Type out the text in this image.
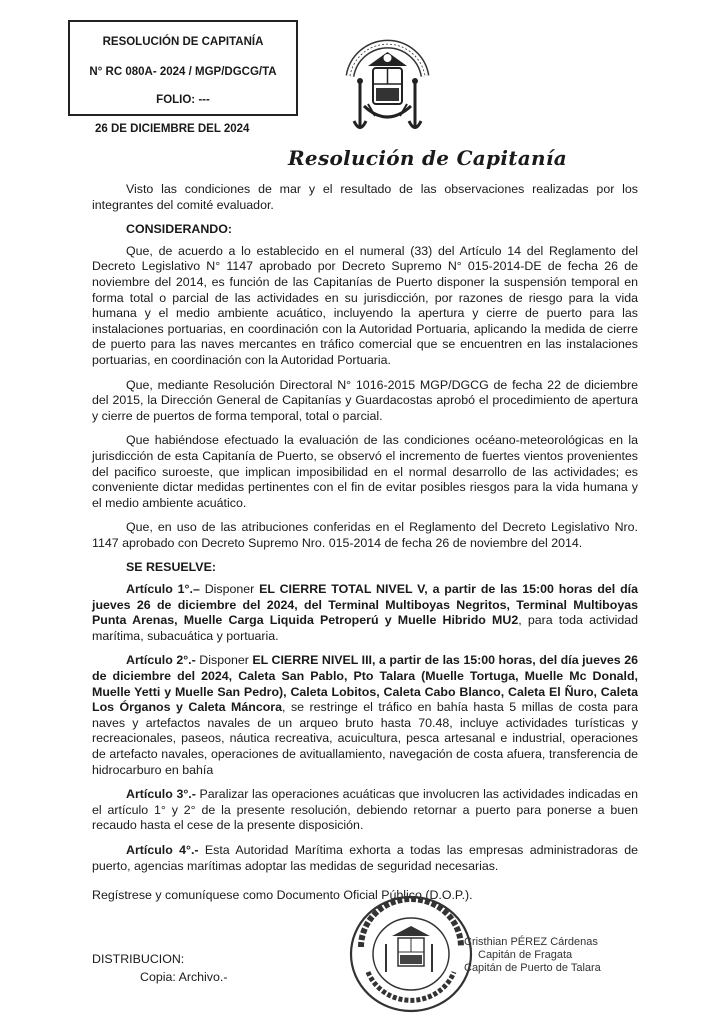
RESOLUCIÓN DE CAPITANÍA
N° RC 080A- 2024 / MGP/DGCG/TA
FOLIO: ---
26 DE DICIEMBRE DEL 2024
Resolución de Capitanía

Visto las condiciones de mar y el resultado de las observaciones realizadas por los integrantes del comité evaluador.

CONSIDERANDO:

Que, de acuerdo a lo establecido en el numeral (33) del Artículo 14 del Reglamento del Decreto Legislativo N° 1147 aprobado por Decreto Supremo N° 015-2014-DE de fecha 26 de noviembre del 2014, es función de las Capitanías de Puerto disponer la suspensión temporal en forma total o parcial de las actividades en su jurisdicción, por razones de riesgo para la vida humana y el medio ambiente acuático, incluyendo la apertura y cierre de puerto para las instalaciones portuarias, en coordinación con la Autoridad Portuaria, aplicando la medida de cierre de puerto para las naves mercantes en tráfico comercial que se encuentren en las instalaciones portuarias, en coordinación con la Autoridad Portuaria.

Que, mediante Resolución Directoral N° 1016-2015 MGP/DGCG de fecha 22 de diciembre del 2015, la Dirección General de Capitanías y Guardacostas aprobó el procedimiento de apertura y cierre de puertos de forma temporal, total o parcial.

Que habiéndose efectuado la evaluación de las condiciones océano-meteorológicas en la jurisdicción de esta Capitanía de Puerto, se observó el incremento de fuertes vientos provenientes del pacifico suroeste, que implican imposibilidad en el normal desarrollo de las actividades; es conveniente dictar medidas pertinentes con el fin de evitar posibles riesgos para la vida humana y el medio ambiente acuático.

Que, en uso de las atribuciones conferidas en el Reglamento del Decreto Legislativo Nro. 1147 aprobado con Decreto Supremo Nro. 015-2014 de fecha 26 de noviembre del 2014.

SE RESUELVE:

Artículo 1°.– Disponer EL CIERRE TOTAL NIVEL V, a partir de las 15:00 horas del día jueves 26 de diciembre del 2024, del Terminal Multiboyas Negritos, Terminal Multiboyas Punta Arenas, Muelle Carga Liquida Petroperú y Muelle Hibrido MU2, para toda actividad marítima, subacuática y portuaria.

Artículo 2°.- Disponer EL CIERRE NIVEL III, a partir de las 15:00 horas, del día jueves 26 de diciembre del 2024, Caleta San Pablo, Pto Talara (Muelle Tortuga, Muelle Mc Donald, Muelle Yetti y Muelle San Pedro), Caleta Lobitos, Caleta Cabo Blanco, Caleta El Ñuro, Caleta Los Órganos y Caleta Máncora, se restringe el tráfico en bahía hasta 5 millas de costa para naves y artefactos navales de un arqueo bruto hasta 70.48, incluye actividades turísticas y recreacionales, paseos, náutica recreativa, acuicultura, pesca artesanal e industrial, operaciones de artefacto navales, operaciones de avituallamiento, navegación de costa afuera, transferencia de hidrocarburo en bahía

Artículo 3°.- Paralizar las operaciones acuáticas que involucren las actividades indicadas en el artículo 1° y 2° de la presente resolución, debiendo retornar a puerto para ponerse a buen recaudo hasta el cese de la presente disposición.

Artículo 4°.- Esta Autoridad Marítima exhorta a todas las empresas administradoras de puerto, agencias marítimas adoptar las medidas de seguridad necesarias.

Regístrese y comuníquese como Documento Oficial Público (D.O.P.).

DISTRIBUCION:
Copia: Archivo.-
Cristhian PÉREZ Cárdenas
Capitán de Fragata
Capitán de Puerto de Talara
